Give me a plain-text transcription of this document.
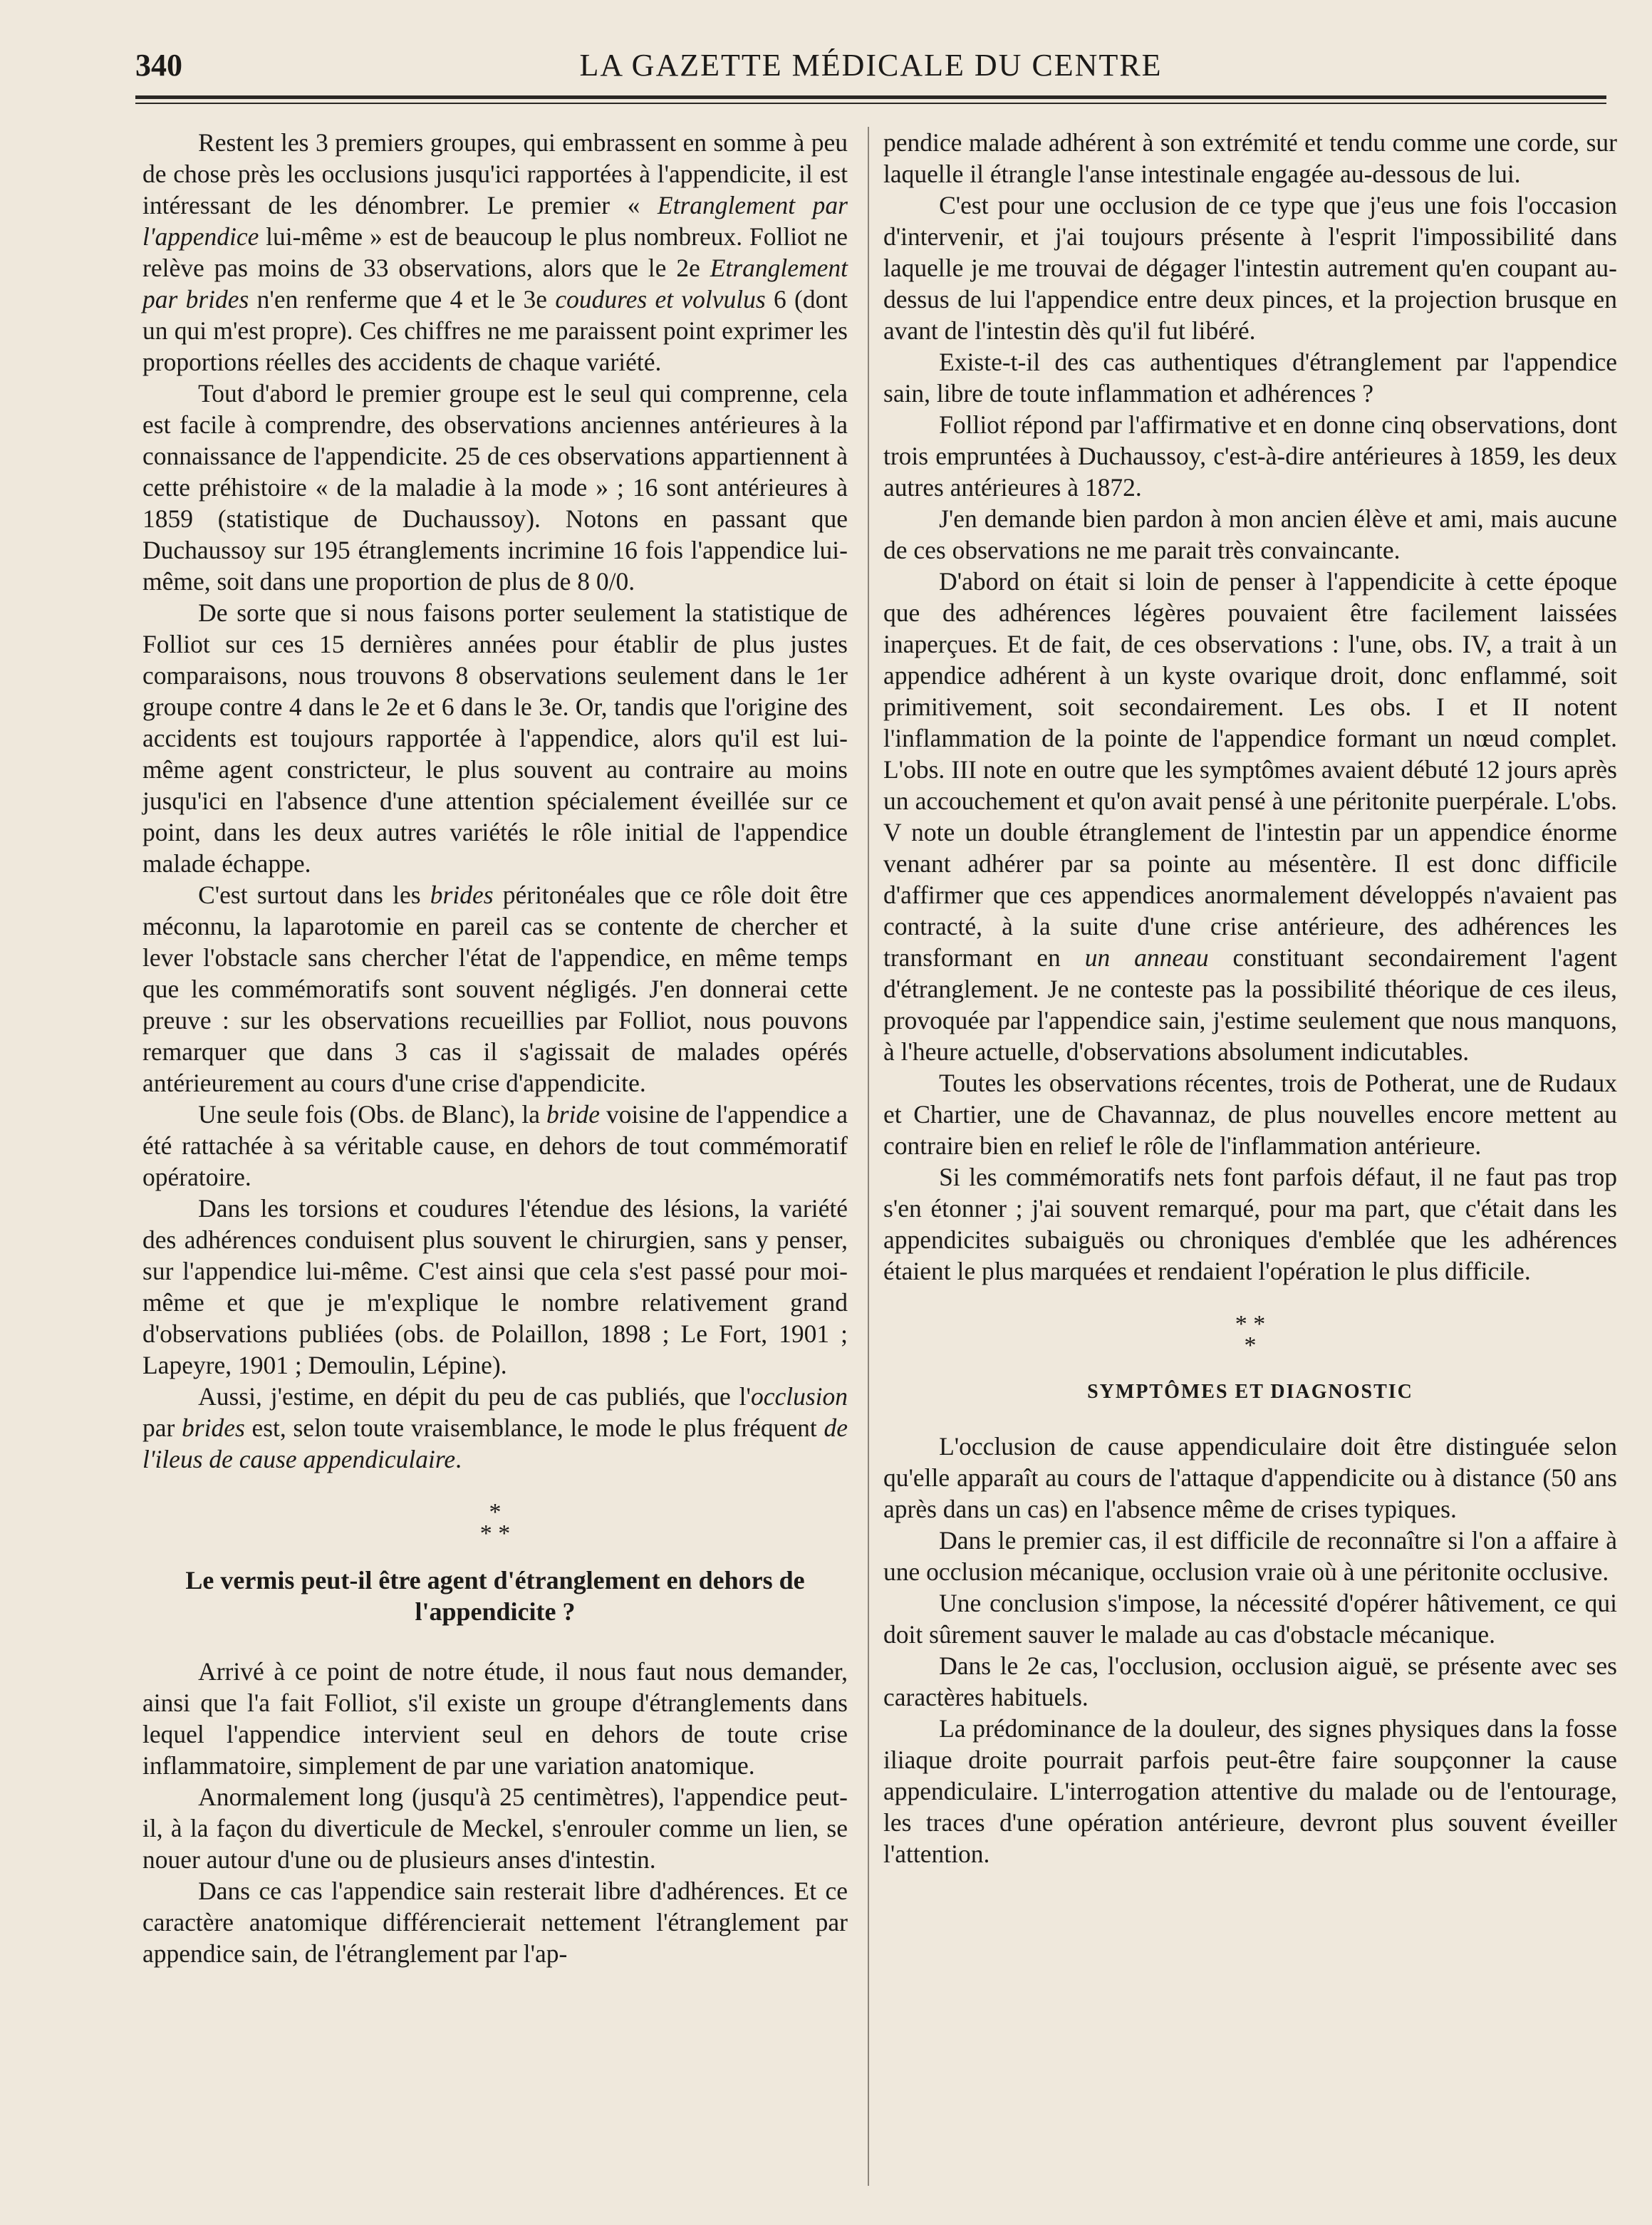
340	LA GAZETTE MÉDICALE DU CENTRE

Restent les 3 premiers groupes, qui embrassent en somme à peu de chose près les occlusions jusqu'ici rapportées à l'appendicite, il est intéressant de les dénombrer. Le premier « Etranglement par l'appendice lui-même » est de beaucoup le plus nombreux. Folliot ne relève pas moins de 33 observations, alors que le 2e Etranglement par brides n'en renferme que 4 et le 3e coudures et volvulus 6 (dont un qui m'est propre). Ces chiffres ne me paraissent point exprimer les proportions réelles des accidents de chaque variété.

Tout d'abord le premier groupe est le seul qui comprenne, cela est facile à comprendre, des observations anciennes antérieures à la connaissance de l'appendicite. 25 de ces observations appartiennent à cette préhistoire « de la maladie à la mode » ; 16 sont antérieures à 1859 (statistique de Duchaussoy). Notons en passant que Duchaussoy sur 195 étranglements incrimine 16 fois l'appendice lui-même, soit dans une proportion de plus de 8 0/0.

De sorte que si nous faisons porter seulement la statistique de Folliot sur ces 15 dernières années pour établir de plus justes comparaisons, nous trouvons 8 observations seulement dans le 1er groupe contre 4 dans le 2e et 6 dans le 3e. Or, tandis que l'origine des accidents est toujours rapportée à l'appendice, alors qu'il est lui-même agent constricteur, le plus souvent au contraire au moins jusqu'ici en l'absence d'une attention spécialement éveillée sur ce point, dans les deux autres variétés le rôle initial de l'appendice malade échappe.

C'est surtout dans les brides péritonéales que ce rôle doit être méconnu, la laparotomie en pareil cas se contente de chercher et lever l'obstacle sans chercher l'état de l'appendice, en même temps que les commémoratifs sont souvent négligés. J'en donnerai cette preuve : sur les observations recueillies par Folliot, nous pouvons remarquer que dans 3 cas il s'agissait de malades opérés antérieurement au cours d'une crise d'appendicite.

Une seule fois (Obs. de Blanc), la bride voisine de l'appendice a été rattachée à sa véritable cause, en dehors de tout commémoratif opératoire.

Dans les torsions et coudures l'étendue des lésions, la variété des adhérences conduisent plus souvent le chirurgien, sans y penser, sur l'appendice lui-même. C'est ainsi que cela s'est passé pour moi-même et que je m'explique le nombre relativement grand d'observations publiées (obs. de Polaillon, 1898 ; Le Fort, 1901 ; Lapeyre, 1901 ; Demoulin, Lépine).

Aussi, j'estime, en dépit du peu de cas publiés, que l'occlusion par brides est, selon toute vraisemblance, le mode le plus fréquent de l'ileus de cause appendiculaire.

*
* *
Le vermis peut-il être agent d'étranglement en dehors de l'appendicite ?

Arrivé à ce point de notre étude, il nous faut nous demander, ainsi que l'a fait Folliot, s'il existe un groupe d'étranglements dans lequel l'appendice intervient seul en dehors de toute crise inflammatoire, simplement de par une variation anatomique.

Anormalement long (jusqu'à 25 centimètres), l'appendice peut-il, à la façon du diverticule de Meckel, s'enrouler comme un lien, se nouer autour d'une ou de plusieurs anses d'intestin.

Dans ce cas l'appendice sain resterait libre d'adhérences. Et ce caractère anatomique différencierait nettement l'étranglement par appendice sain, de l'étranglement par l'ap-

pendice malade adhérent à son extrémité et tendu comme une corde, sur laquelle il étrangle l'anse intestinale engagée au-dessous de lui.

C'est pour une occlusion de ce type que j'eus une fois l'occasion d'intervenir, et j'ai toujours présente à l'esprit l'impossibilité dans laquelle je me trouvai de dégager l'intestin autrement qu'en coupant au-dessus de lui l'appendice entre deux pinces, et la projection brusque en avant de l'intestin dès qu'il fut libéré.

Existe-t-il des cas authentiques d'étranglement par l'appendice sain, libre de toute inflammation et adhérences ?

Folliot répond par l'affirmative et en donne cinq observations, dont trois empruntées à Duchaussoy, c'est-à-dire antérieures à 1859, les deux autres antérieures à 1872.

J'en demande bien pardon à mon ancien élève et ami, mais aucune de ces observations ne me parait très convaincante.

D'abord on était si loin de penser à l'appendicite à cette époque que des adhérences légères pouvaient être facilement laissées inaperçues. Et de fait, de ces observations : l'une, obs. IV, a trait à un appendice adhérent à un kyste ovarique droit, donc enflammé, soit primitivement, soit secondairement. Les obs. I et II notent l'inflammation de la pointe de l'appendice formant un nœud complet. L'obs. III note en outre que les symptômes avaient débuté 12 jours après un accouchement et qu'on avait pensé à une péritonite puerpérale. L'obs. V note un double étranglement de l'intestin par un appendice énorme venant adhérer par sa pointe au mésentère. Il est donc difficile d'affirmer que ces appendices anormalement développés n'avaient pas contracté, à la suite d'une crise antérieure, des adhérences les transformant en un anneau constituant secondairement l'agent d'étranglement. Je ne conteste pas la possibilité théorique de ces ileus, provoquée par l'appendice sain, j'estime seulement que nous manquons, à l'heure actuelle, d'observations absolument indicutables.

Toutes les observations récentes, trois de Potherat, une de Rudaux et Chartier, une de Chavannaz, de plus nouvelles encore mettent au contraire bien en relief le rôle de l'inflammation antérieure.

Si les commémoratifs nets font parfois défaut, il ne faut pas trop s'en étonner ; j'ai souvent remarqué, pour ma part, que c'était dans les appendicites subaiguës ou chroniques d'emblée que les adhérences étaient le plus marquées et rendaient l'opération le plus difficile.

* *
*
SYMPTÔMES ET DIAGNOSTIC

L'occlusion de cause appendiculaire doit être distinguée selon qu'elle apparaît au cours de l'attaque d'appendicite ou à distance (50 ans après dans un cas) en l'absence même de crises typiques.

Dans le premier cas, il est difficile de reconnaître si l'on a affaire à une occlusion mécanique, occlusion vraie où à une péritonite occlusive.

Une conclusion s'impose, la nécessité d'opérer hâtivement, ce qui doit sûrement sauver le malade au cas d'obstacle mécanique.

Dans le 2e cas, l'occlusion, occlusion aiguë, se présente avec ses caractères habituels.

La prédominance de la douleur, des signes physiques dans la fosse iliaque droite pourrait parfois peut-être faire soupçonner la cause appendiculaire. L'interrogation attentive du malade ou de l'entourage, les traces d'une opération antérieure, devront plus souvent éveiller l'attention.
